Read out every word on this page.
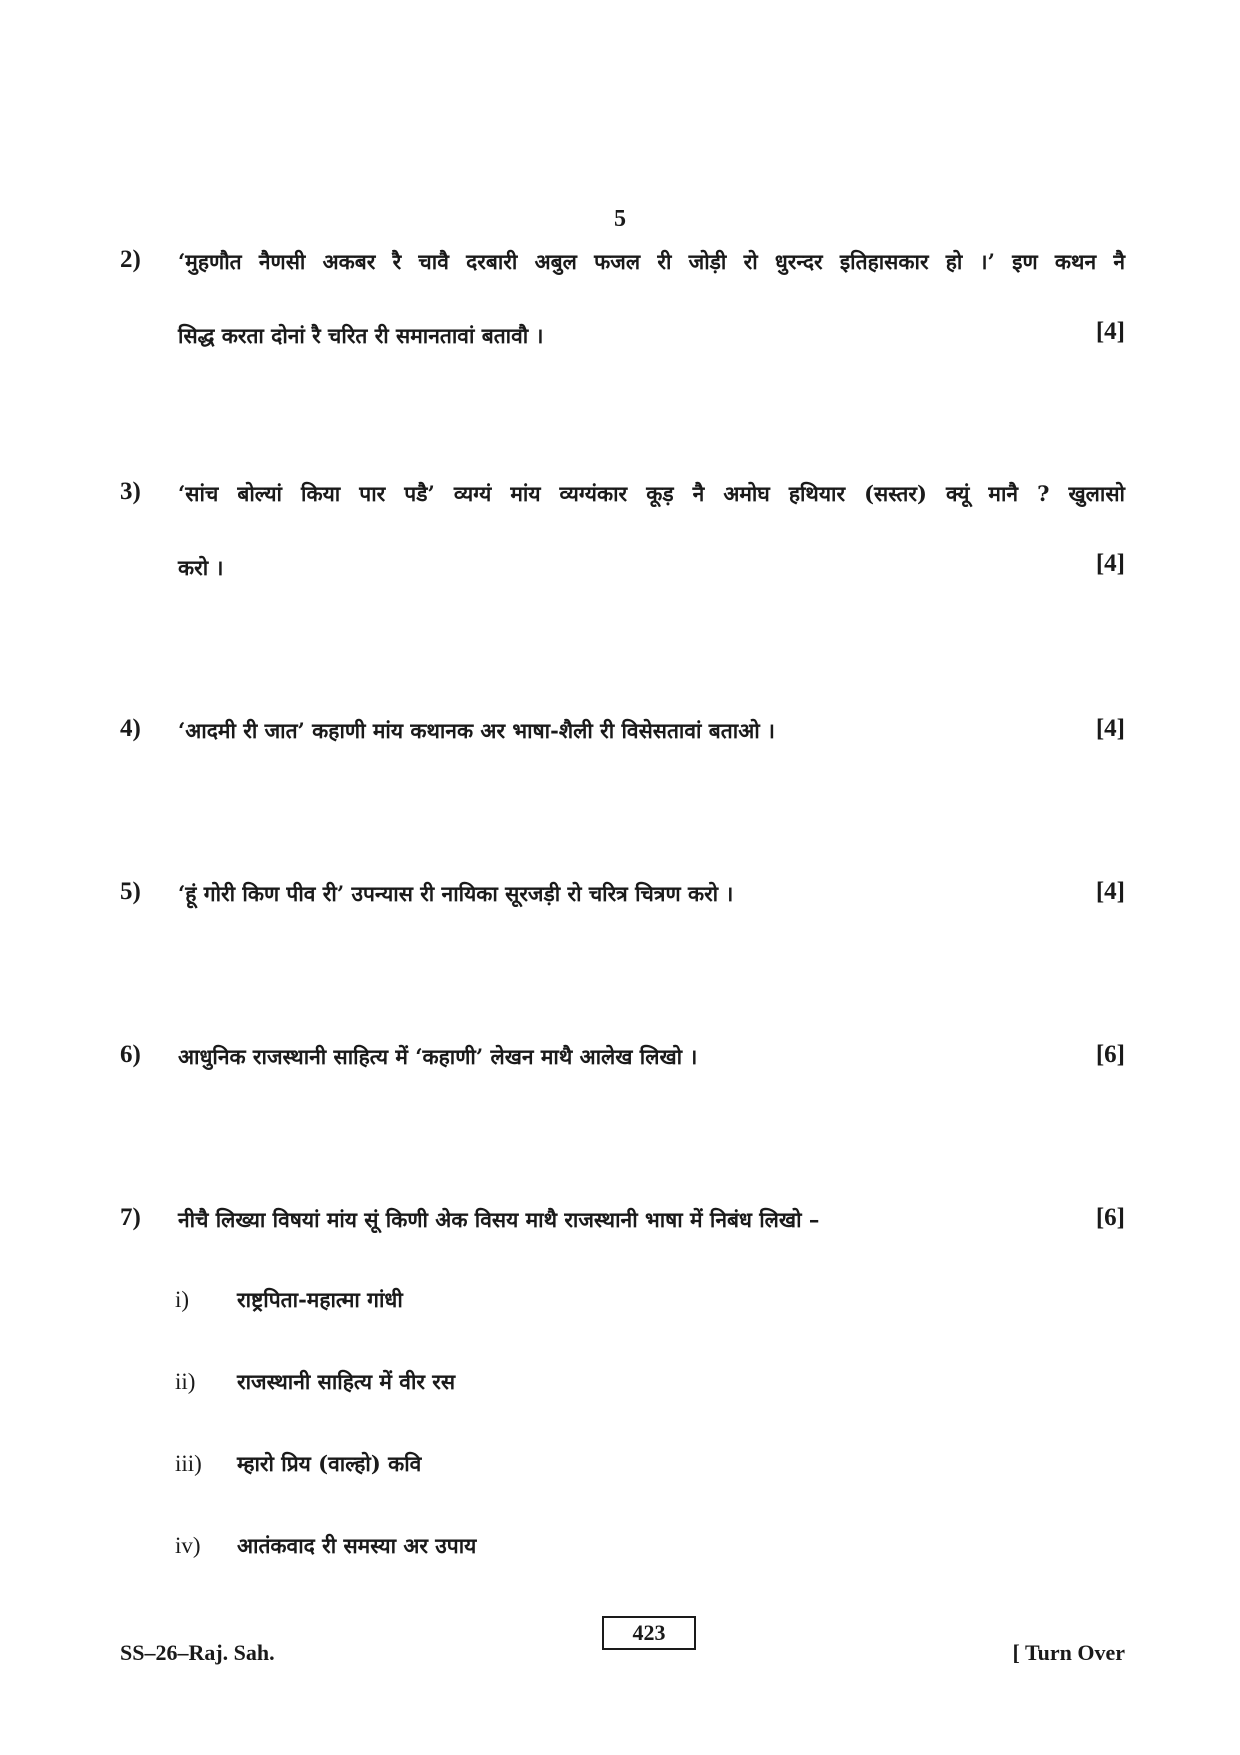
5
2) ‘मुहणौत नैणसी अकबर रै चावै दरबारी अबुल फजल री जोड़ी रो धुरन्दर इतिहासकार हो ।’ इण कथन नै
सिद्ध करता दोनां रै चरित री समानतावां बतावौ ।	[4]
3) ‘सांच बोल्यां किया पार पडै’ व्यग्यं मांय व्यग्यंकार कूड़ नै अमोघ हथियार (सस्तर) क्यूं मानै ? खुलासो
करो ।	[4]
4) ‘आदमी री जात’ कहाणी मांय कथानक अर भाषा-शैली री विसेसतावां बताओ ।	[4]
5) ‘हूं गोरी किण पीव री’ उपन्यास री नायिका सूरजड़ी रो चरित्र चित्रण करो ।	[4]
6) आधुनिक राजस्थानी साहित्य में ‘कहाणी’ लेखन माथै आलेख लिखो ।	[6]
7) नीचै लिख्या विषयां मांय सूं किणी अेक विसय माथै राजस्थानी भाषा में निबंध लिखो –	[6]
i) राष्ट्रपिता-महात्मा गांधी
ii) राजस्थानी साहित्य में वीर रस
iii) म्हारो प्रिय (वाल्हो) कवि
iv) आतंकवाद री समस्या अर उपाय
SS–26–Raj. Sah.
423
[ Turn Over
